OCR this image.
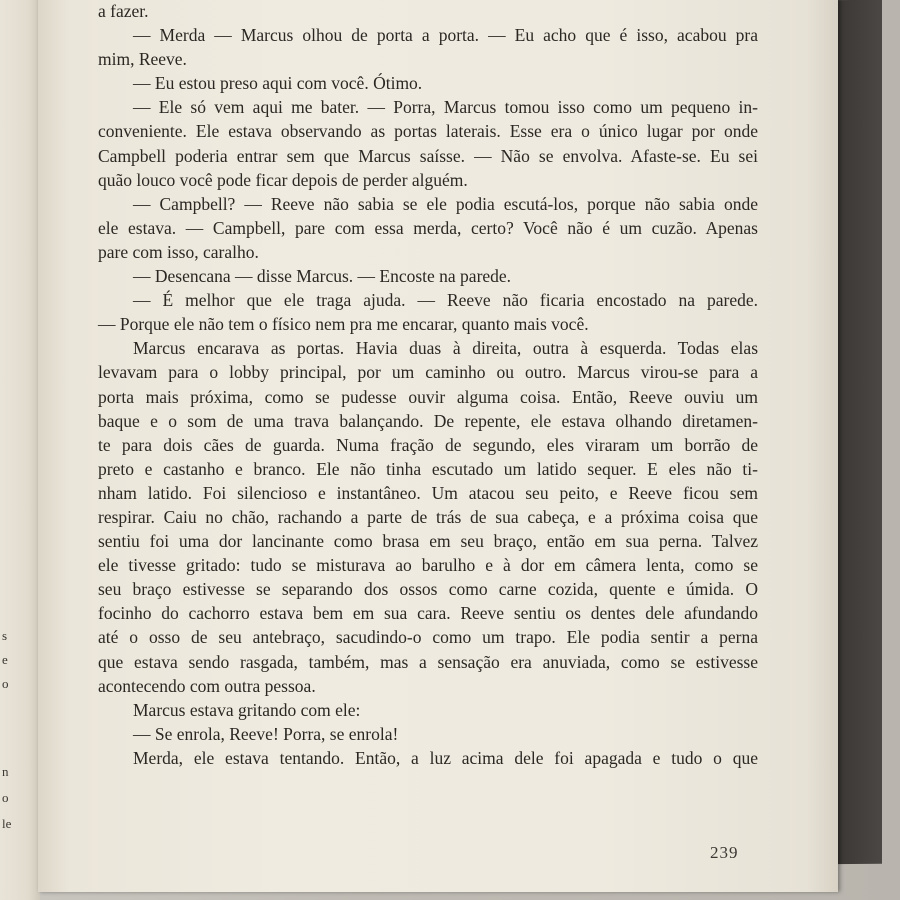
s
e
o
n
o
le
a fazer.
— Merda — Marcus olhou de porta a porta. — Eu acho que é isso, acabou pra
mim, Reeve.
— Eu estou preso aqui com você. Ótimo.
— Ele só vem aqui me bater. — Porra, Marcus tomou isso como um pequeno in-
conveniente. Ele estava observando as portas laterais. Esse era o único lugar por onde
Campbell poderia entrar sem que Marcus saísse. — Não se envolva. Afaste-se. Eu sei
quão louco você pode ficar depois de perder alguém.
— Campbell? — Reeve não sabia se ele podia escutá-los, porque não sabia onde
ele estava. — Campbell, pare com essa merda, certo? Você não é um cuzão. Apenas
pare com isso, caralho.
— Desencana — disse Marcus. — Encoste na parede.
— É melhor que ele traga ajuda. — Reeve não ficaria encostado na parede.
— Porque ele não tem o físico nem pra me encarar, quanto mais você.
Marcus encarava as portas. Havia duas à direita, outra à esquerda. Todas elas
levavam para o lobby principal, por um caminho ou outro. Marcus virou-se para a
porta mais próxima, como se pudesse ouvir alguma coisa. Então, Reeve ouviu um
baque e o som de uma trava balançando. De repente, ele estava olhando diretamen-
te para dois cães de guarda. Numa fração de segundo, eles viraram um borrão de
preto e castanho e branco. Ele não tinha escutado um latido sequer. E eles não ti-
nham latido. Foi silencioso e instantâneo. Um atacou seu peito, e Reeve ficou sem
respirar. Caiu no chão, rachando a parte de trás de sua cabeça, e a próxima coisa que
sentiu foi uma dor lancinante como brasa em seu braço, então em sua perna. Talvez
ele tivesse gritado: tudo se misturava ao barulho e à dor em câmera lenta, como se
seu braço estivesse se separando dos ossos como carne cozida, quente e úmida. O
focinho do cachorro estava bem em sua cara. Reeve sentiu os dentes dele afundando
até o osso de seu antebraço, sacudindo-o como um trapo. Ele podia sentir a perna
que estava sendo rasgada, também, mas a sensação era anuviada, como se estivesse
acontecendo com outra pessoa.
Marcus estava gritando com ele:
— Se enrola, Reeve! Porra, se enrola!
Merda, ele estava tentando. Então, a luz acima dele foi apagada e tudo o que
239
